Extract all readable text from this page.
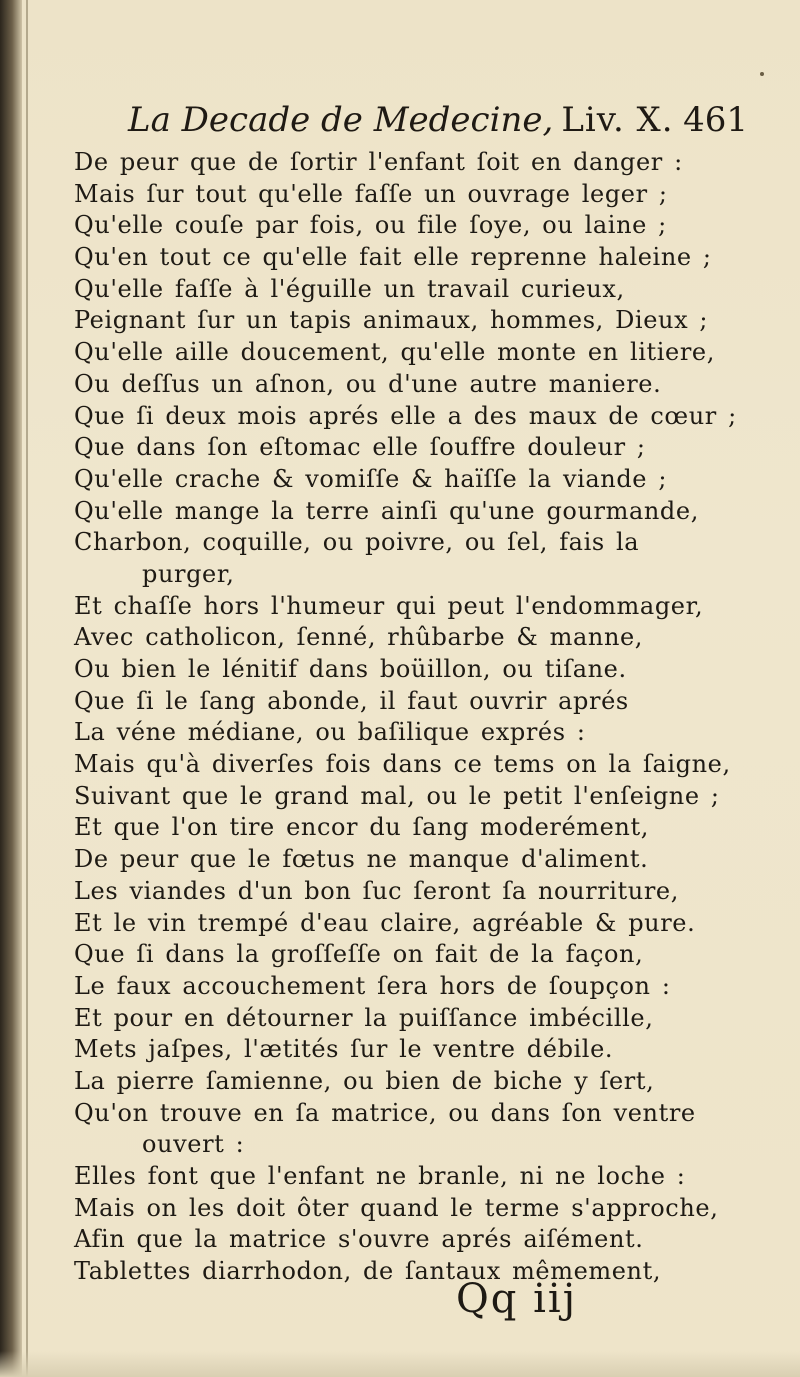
La Decade de Medecine, Liv. X. 461
De peur que de ſortir l'enfant ſoit en danger :
Mais ſur tout qu'elle faſſe un ouvrage leger ;
Qu'elle couſe par fois, ou file ſoye, ou laine ;
Qu'en tout ce qu'elle fait elle reprenne haleine ;
Qu'elle faſſe à l'éguille un travail curieux,
Peignant ſur un tapis animaux, hommes, Dieux ;
Qu'elle aille doucement, qu'elle monte en litiere,
Ou deſſus un aſnon, ou d'une autre maniere.
Que ſi deux mois aprés elle a des maux de cœur ;
Que dans ſon eſtomac elle ſouffre douleur ;
Qu'elle crache & vomiſſe & haïſſe la viande ;
Qu'elle mange la terre ainſi qu'une gourmande,
Charbon, coquille, ou poivre, ou ſel, fais la
purger,
Et chaſſe hors l'humeur qui peut l'endommager,
Avec catholicon, ſenné, rhûbarbe & manne,
Ou bien le lénitif dans boüillon, ou tiſane.
Que ſi le ſang abonde, il faut ouvrir aprés
La véne médiane, ou baſilique exprés :
Mais qu'à diverſes fois dans ce tems on la ſaigne,
Suivant que le grand mal, ou le petit l'enſeigne ;
Et que l'on tire encor du ſang moderément,
De peur que le fœtus ne manque d'aliment.
Les viandes d'un bon ſuc ſeront ſa nourriture,
Et le vin trempé d'eau claire, agréable & pure.
Que ſi dans la groſſeſſe on fait de la façon,
Le faux accouchement ſera hors de ſoupçon :
Et pour en détourner la puiſſance imbécille,
Mets jaſpes, l'ætités ſur le ventre débile.
La pierre ſamienne, ou bien de biche y ſert,
Qu'on trouve en ſa matrice, ou dans ſon ventre
ouvert :
Elles font que l'enfant ne branle, ni ne loche :
Mais on les doit ôter quand le terme s'approche,
Afin que la matrice s'ouvre aprés aiſément.
Tablettes diarrhodon, de ſantaux mêmement,
Qq iij
